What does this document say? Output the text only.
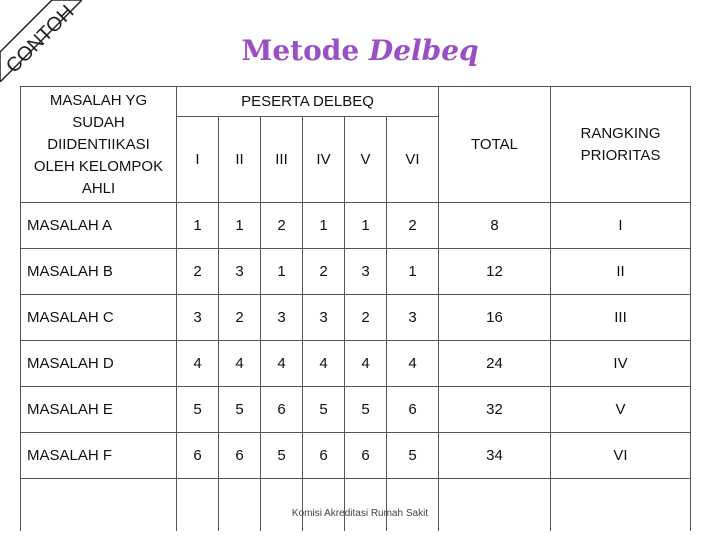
CONTOH	Metode Delbeq
MASALAH YG
SUDAH
DIIDENTIIKASI
OLEH KELOMPOK
AHLI	PESERTA DELBEQ						TOTAL	RANGKING
PRIORITAS
	I	II	III	IV	V	VI		
MASALAH A	1	1	2	1	1	2	8	I
MASALAH B	2	3	1	2	3	1	12	II
MASALAH C	3	2	3	3	2	3	16	III
MASALAH D	4	4	4	4	4	4	24	IV
MASALAH E	5	5	6	5	5	6	32	V
MASALAH F	6	6	5	6	6	5	34	VI

Komisi Akreditasi Rumah Sakit
